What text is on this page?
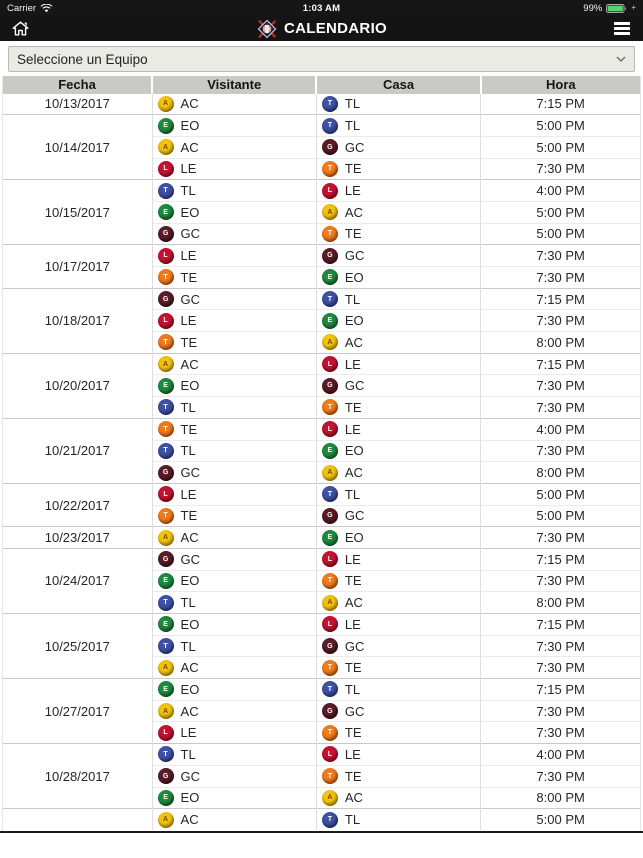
Carrier	1:03 AM	99%	+
CALENDARIO
Seleccione un Equipo
Fecha	Visitante	Casa	Hora
10/13/2017	A AC	T TL	7:15 PM
10/14/2017	E EO	T TL	5:00 PM

A AC	G GC	5:00 PM

L LE	T TE	7:30 PM
10/15/2017	T TL	L LE	4:00 PM

E EO	A AC	5:00 PM

G GC	T TE	5:00 PM
10/17/2017	L LE	G GC	7:30 PM

T TE	E EO	7:30 PM
10/18/2017	G GC	T TL	7:15 PM

L LE	E EO	7:30 PM

T TE	A AC	8:00 PM
10/20/2017	A AC	L LE	7:15 PM

E EO	G GC	7:30 PM

T TL	T TE	7:30 PM
10/21/2017	T TE	L LE	4:00 PM

T TL	E EO	7:30 PM

G GC	A AC	8:00 PM
10/22/2017	L LE	T TL	5:00 PM

T TE	G GC	5:00 PM
10/23/2017	A AC	E EO	7:30 PM
10/24/2017	G GC	L LE	7:15 PM

E EO	T TE	7:30 PM

T TL	A AC	8:00 PM
10/25/2017	E EO	L LE	7:15 PM

T TL	G GC	7:30 PM

A AC	T TE	7:30 PM
10/27/2017	E EO	T TL	7:15 PM

A AC	G GC	7:30 PM

L LE	T TE	7:30 PM
10/28/2017	T TL	L LE	4:00 PM

G GC	T TE	7:30 PM

E EO	A AC	8:00 PM

A AC	T TL	5:00 PM
